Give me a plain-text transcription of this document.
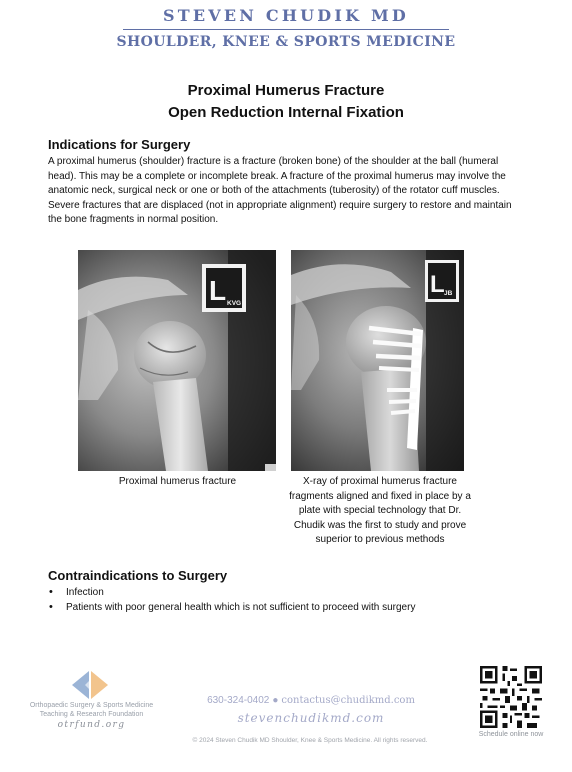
STEVEN CHUDIK MD
SHOULDER, KNEE & SPORTS MEDICINE
Proximal Humerus Fracture
Open Reduction Internal Fixation
Indications for Surgery

A proximal humerus (shoulder) fracture is a fracture (broken bone) of the shoulder at the ball (humeral head). This may be a complete or incomplete break. A fracture of the proximal humerus may involve the anatomic neck, surgical neck or one or both of the attachments (tuberosity) of the rotator cuff muscles. Severe fractures that are displaced (not in appropriate alignment) require surgery to restore and maintain the bone fragments in normal position.

L KVG
Proximal humerus fracture
L JB
X-ray of proximal humerus fracture fragments aligned and fixed in place by a plate with special technology that Dr. Chudik was the first to study and prove superior to previous methods
Contraindications to Surgery
• Infection
• Patients with poor general health which is not sufficient to proceed with surgery
Orthopaedic Surgery & Sports Medicine
Teaching & Research Foundation
otrfund.org
630-324-0402 ● contactus@chudikmd.com
stevenchudikmd.com
© 2024 Steven Chudik MD Shoulder, Knee & Sports Medicine. All rights reserved.
Schedule online now
